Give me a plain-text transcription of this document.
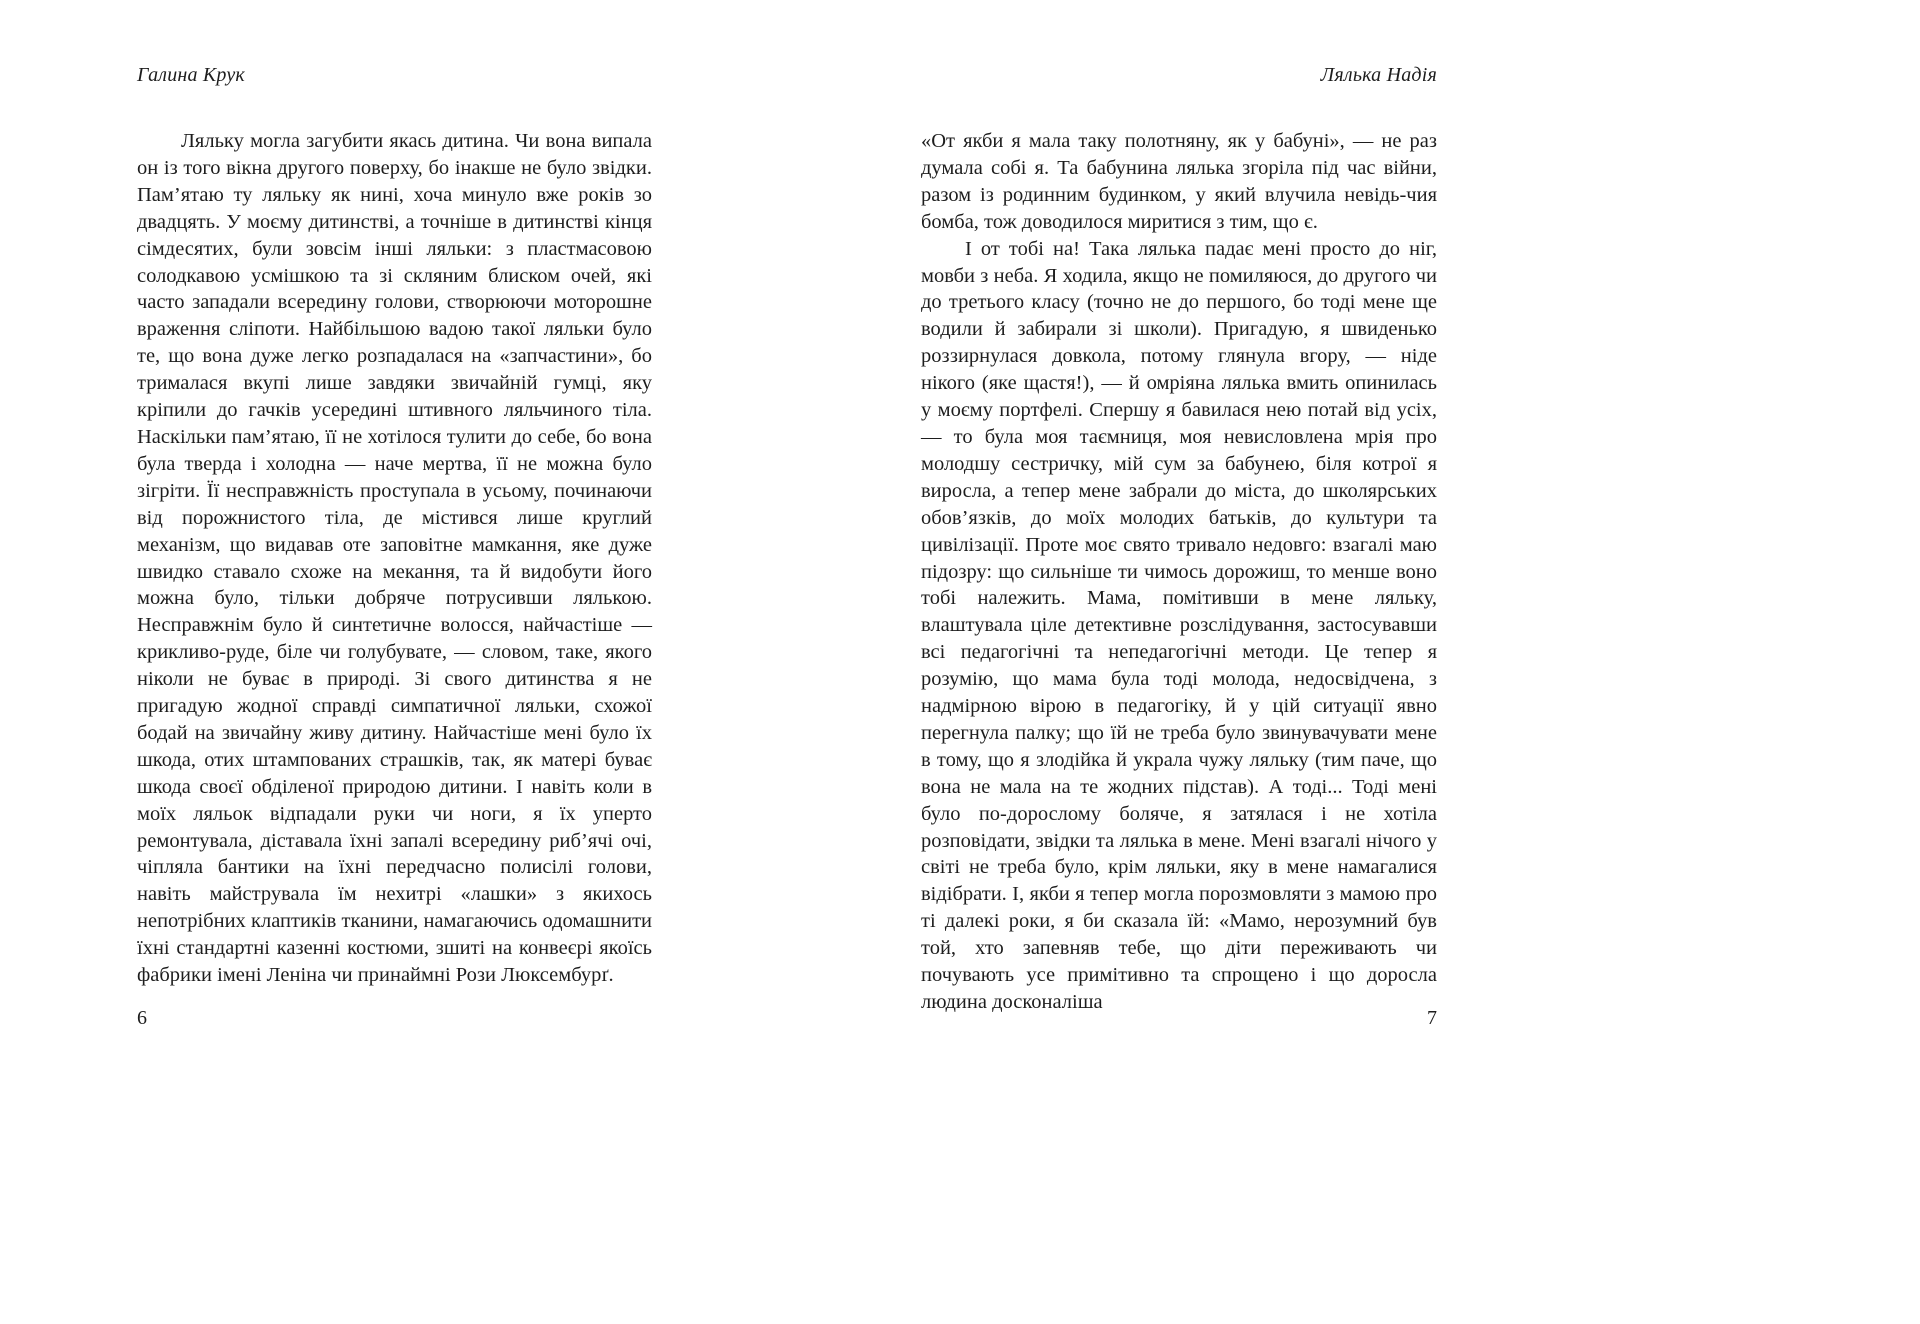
Галина Крук

Ляльку могла загубити якась дитина. Чи вона випала он із того вікна другого поверху, бо інакше не було звідки. Пам’ятаю ту ляльку як нині, хоча минуло вже років зо двадцять. У моєму дитинстві, а точніше в дитинстві кінця сімдесятих, були зовсім інші ляльки: з пластмасовою солодкавою усмішкою та зі скляним блиском очей, які часто западали всередину голови, створюючи моторошне враження сліпоти. Найбільшою вадою такої ляльки було те, що вона дуже легко розпадалася на «запчастини», бо трималася вкупі лише завдяки звичайній гумці, яку кріпили до гачків усередині штивного ляльчиного тіла. Наскільки пам’ятаю, її не хотілося тулити до себе, бо вона була тверда і холодна — наче мертва, її не можна було зігріти. Її несправжність проступала в усьому, починаючи від порожнистого тіла, де містився лише круглий механізм, що видавав оте заповітне мамкання, яке дуже швидко ставало схоже на мекання, та й видобути його можна було, тільки добряче потрусивши лялькою. Несправжнім було й синтетичне волосся, найчастіше — крикливо-руде, біле чи голубувате, — словом, таке, якого ніколи не буває в природі. Зі свого дитинства я не пригадую жодної справді симпатичної ляльки, схожої бодай на звичайну живу дитину. Найчастіше мені було їх шкода, отих штампованих страшків, так, як матері буває шкода своєї обділеної природою дитини. І навіть коли в моїх ляльок відпадали руки чи ноги, я їх уперто ремонтувала, діставала їхні запалі всередину риб’ячі очі, чіпляла бантики на їхні передчасно полисілі голови, навіть майструвала їм нехитрі «лашки» з якихось непотрібних клаптиків тканини, намагаючись одомашнити їхні стандартні казенні костюми, зшиті на конвеєрі якоїсь фабрики імені Леніна чи принаймні Рози Люксембурґ.

6
Лялька Надія

«От якби я мала таку полотняну, як у бабуні», — не раз думала собі я. Та бабунина лялька згоріла під час війни, разом із родинним будинком, у який влучила невідь-чия бомба, тож доводилося миритися з тим, що є.

І от тобі на! Така лялька падає мені просто до ніг, мовби з неба. Я ходила, якщо не помиляюся, до другого чи до третього класу (точно не до першого, бо тоді мене ще водили й забирали зі школи). Пригадую, я швиденько роззирнулася довкола, потому глянула вгору, — ніде нікого (яке щастя!), — й омріяна лялька вмить опинилась у моєму портфелі. Спершу я бавилася нею потай від усіх, — то була моя таємниця, моя невисловлена мрія про молодшу сестричку, мій сум за бабунею, біля котрої я виросла, а тепер мене забрали до міста, до школярських обов’язків, до моїх молодих батьків, до культури та цивілізації. Проте моє свято тривало недовго: взагалі маю підозру: що сильніше ти чимось дорожиш, то менше воно тобі належить. Мама, помітивши в мене ляльку, влаштувала ціле детективне розслідування, застосувавши всі педагогічні та непедагогічні методи. Це тепер я розумію, що мама була тоді молода, недосвідчена, з надмірною вірою в педагогіку, й у цій ситуації явно перегнула палку; що їй не треба було звинувачувати мене в тому, що я злодійка й украла чужу ляльку (тим паче, що вона не мала на те жодних підстав). А тоді... Тоді мені було по-дорослому боляче, я затялася і не хотіла розповідати, звідки та лялька в мене. Мені взагалі нічого у світі не треба було, крім ляльки, яку в мене намагалися відібрати. І, якби я тепер могла порозмовляти з мамою про ті далекі роки, я би сказала їй: «Мамо, нерозумний був той, хто запевняв тебе, що діти переживають чи почувають усе примітивно та спрощено і що доросла людина досконаліша

7
